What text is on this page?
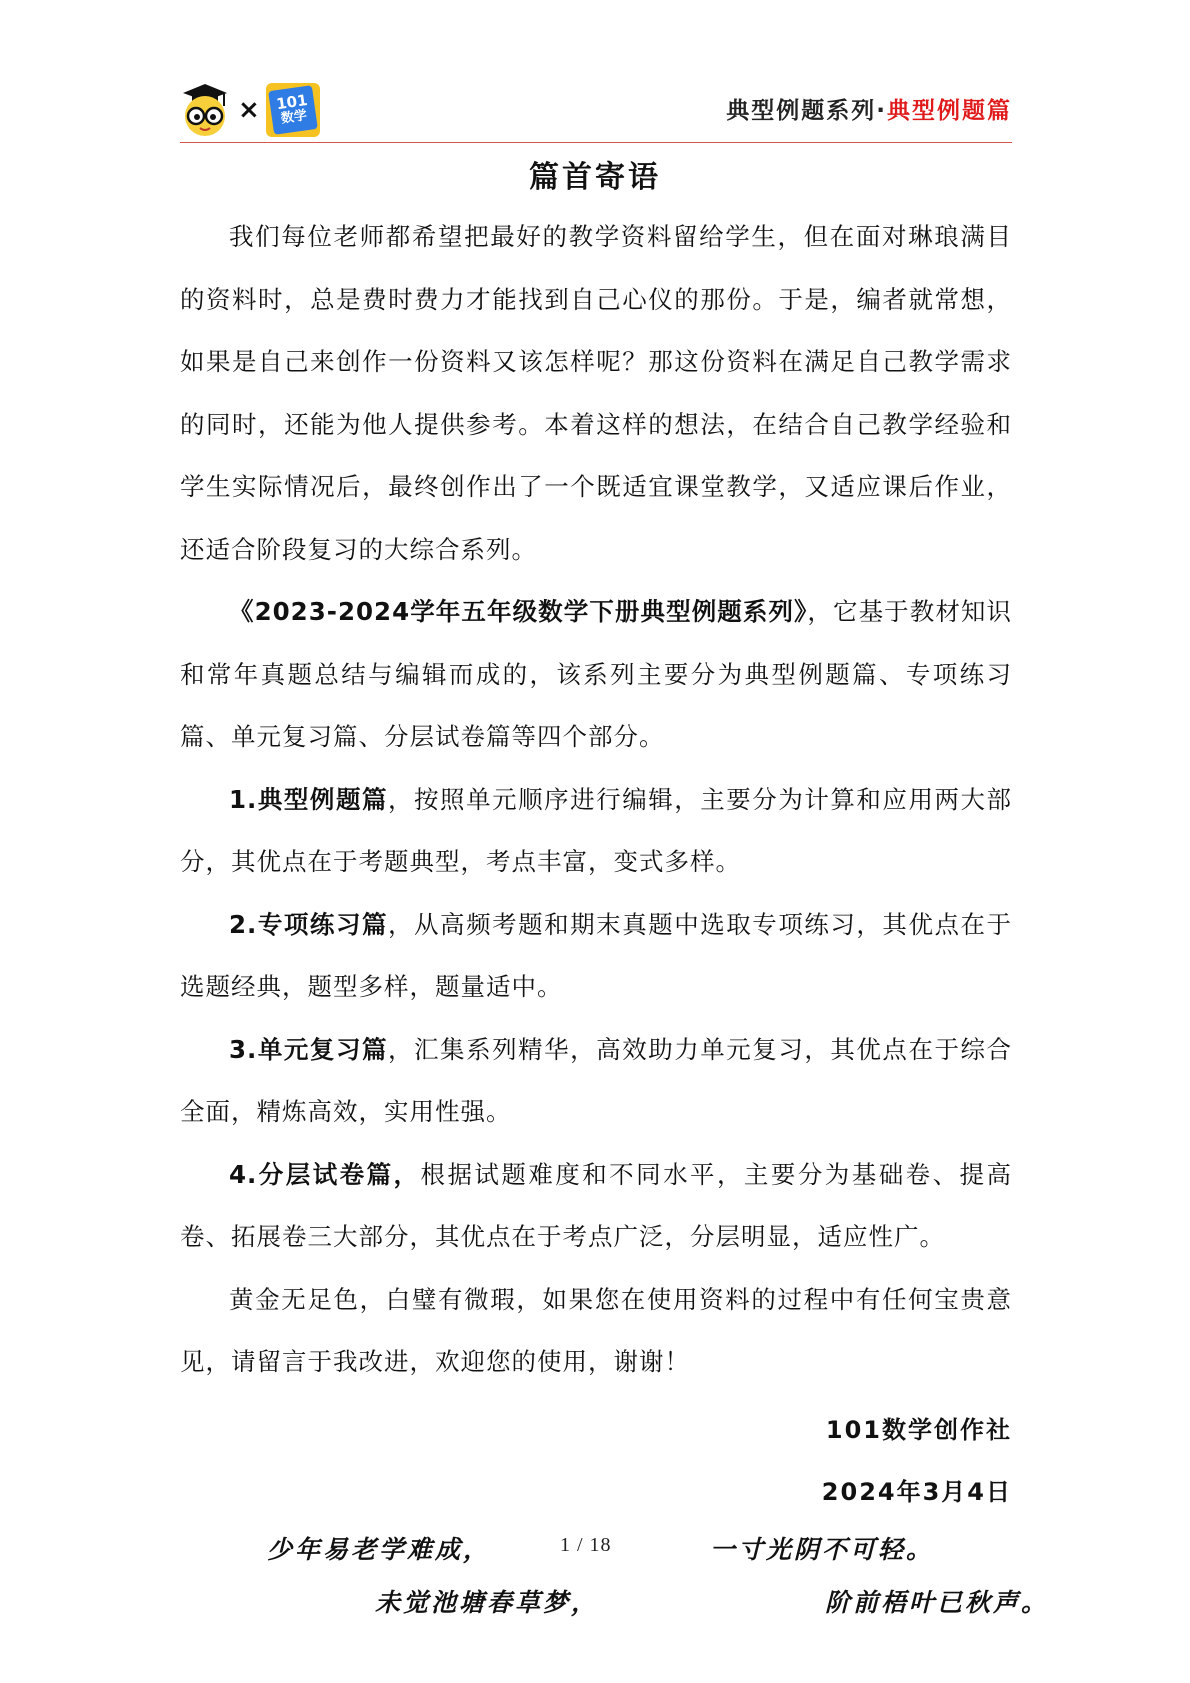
× 101
数学	典型例题系列·典型例题篇
篇首寄语

我们每位老师都希望把最好的教学资料留给学生，但在面对琳琅满目的资料时，总是费时费力才能找到自己心仪的那份。于是，编者就常想，如果是自己来创作一份资料又该怎样呢？那这份资料在满足自己教学需求的同时，还能为他人提供参考。本着这样的想法，在结合自己教学经验和学生实际情况后，最终创作出了一个既适宜课堂教学，又适应课后作业，还适合阶段复习的大综合系列。

《2023-2024学年五年级数学下册典型例题系列》，它基于教材知识和常年真题总结与编辑而成的，该系列主要分为典型例题篇、专项练习篇、单元复习篇、分层试卷篇等四个部分。

1.典型例题篇，按照单元顺序进行编辑，主要分为计算和应用两大部分，其优点在于考题典型，考点丰富，变式多样。

2.专项练习篇，从高频考题和期末真题中选取专项练习，其优点在于选题经典，题型多样，题量适中。

3.单元复习篇，汇集系列精华，高效助力单元复习，其优点在于综合全面，精炼高效，实用性强。

4.分层试卷篇，根据试题难度和不同水平，主要分为基础卷、提高卷、拓展卷三大部分，其优点在于考点广泛，分层明显，适应性广。

黄金无足色，白璧有微瑕，如果您在使用资料的过程中有任何宝贵意见，请留言于我改进，欢迎您的使用，谢谢！

101数学创作社
2024年3月4日
少年易老学难成，	1 / 18	一寸光阴不可轻。
未觉池塘春草梦，	阶前梧叶已秋声。
